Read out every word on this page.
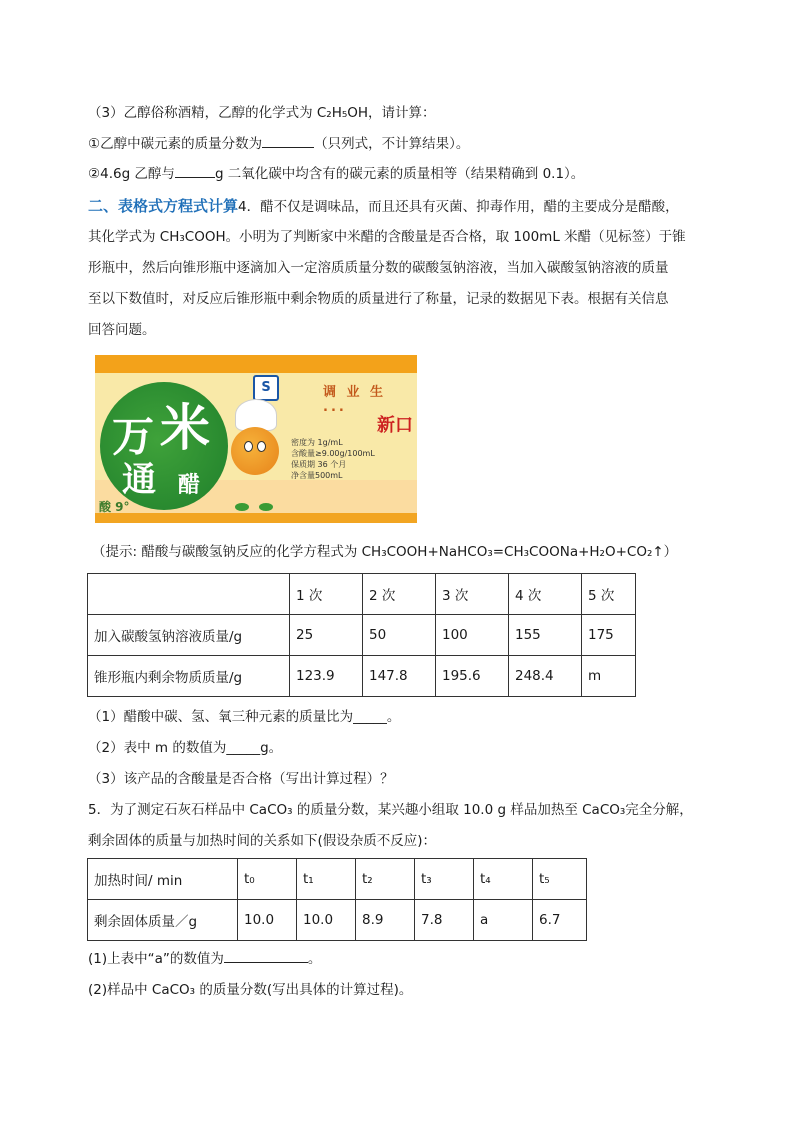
（3）乙醇俗称酒精，乙醇的化学式为 C₂H₅OH，请计算：
①乙醇中碳元素的质量分数为	（只列式，不计算结果）。
②4.6g 乙醇与	g 二氧化碳中均含有的碳元素的质量相等（结果精确到 0.1）。
二、表格式方程式计算4．醋不仅是调味品，而且还具有灭菌、抑毒作用，醋的主要成分是醋酸，
其化学式为 CH₃COOH。小明为了判断家中米醋的含酸量是否合格，取 100mL 米醋（见标签）于锥
形瓶中，然后向锥形瓶中逐滴加入一定溶质质量分数的碳酸氢钠溶液，当加入碳酸氢钠溶液的质量
至以下数值时，对反应后锥形瓶中剩余物质的质量进行了称量，记录的数据见下表。根据有关信息
回答问题。
万 米
通 醋
S	调 业 生 ...
新口
密度为 1g/mL
含酸量≥9.00g/100mL
保质期 36 个月
净含量500mL
酸 9°
（提示: 醋酸与碳酸氢钠反应的化学方程式为 CH₃COOH+NaHCO₃=CH₃COONa+H₂O+CO₂↑）
	1 次	2 次	3 次	4 次	5 次
加入碳酸氢钠溶液质量/g	25	50	100	155	175
锥形瓶内剩余物质质量/g	123.9	147.8	195.6	248.4	m
（1）醋酸中碳、氢、氧三种元素的质量比为_____。
（2）表中 m 的数值为_____g。
（3）该产品的含酸量是否合格（写出计算过程）？
5．为了测定石灰石样品中 CaCO₃ 的质量分数，某兴趣小组取 10.0 g 样品加热至 CaCO₃完全分解，
剩余固体的质量与加热时间的关系如下(假设杂质不反应)：
加热时间/ min	t₀	t₁	t₂	t₃	t₄	t₅
剩余固体质量／g	10.0	10.0	8.9	7.8	a	6.7
(1)上表中“a”的数值为	。
(2)样品中 CaCO₃ 的质量分数(写出具体的计算过程)。
